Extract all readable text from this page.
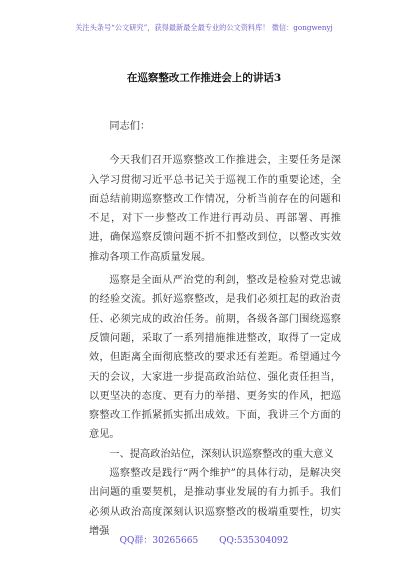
关注头条号“公文研究”，获得最新最全最专业的公文资料库！ 微信：gongwenyj
在巡察整改工作推进会上的讲话3

同志们：

今天我们召开巡察整改工作推进会，主要任务是深入学习贯彻习近平总书记关于巡视工作的重要论述，全面总结前期巡察整改工作情况，分析当前存在的问题和不足，对下一步整改工作进行再动员、再部署、再推进，确保巡察反馈问题不折不扣整改到位，以整改实效推动各项工作高质量发展。

巡察是全面从严治党的利剑，整改是检验对党忠诚的经验交流。抓好巡察整改，是我们必须扛起的政治责任、必须完成的政治任务。前期，各级各部门围绕巡察反馈问题，采取了一系列措施推进整改，取得了一定成效，但距离全面彻底整改的要求还有差距。希望通过今天的会议，大家进一步提高政治站位、强化责任担当，以更坚决的态度、更有力的举措、更务实的作风，把巡察整改工作抓紧抓实抓出成效。下面，我讲三个方面的意见。

一、提高政治站位，深刻认识巡察整改的重大意义

巡察整改是践行“两个维护”的具体行动，是解决突出问题的重要契机，是推动事业发展的有力抓手。我们必须从政治高度深刻认识巡察整改的极端重要性，切实增强

QQ群：30265665 QQ:535304092
